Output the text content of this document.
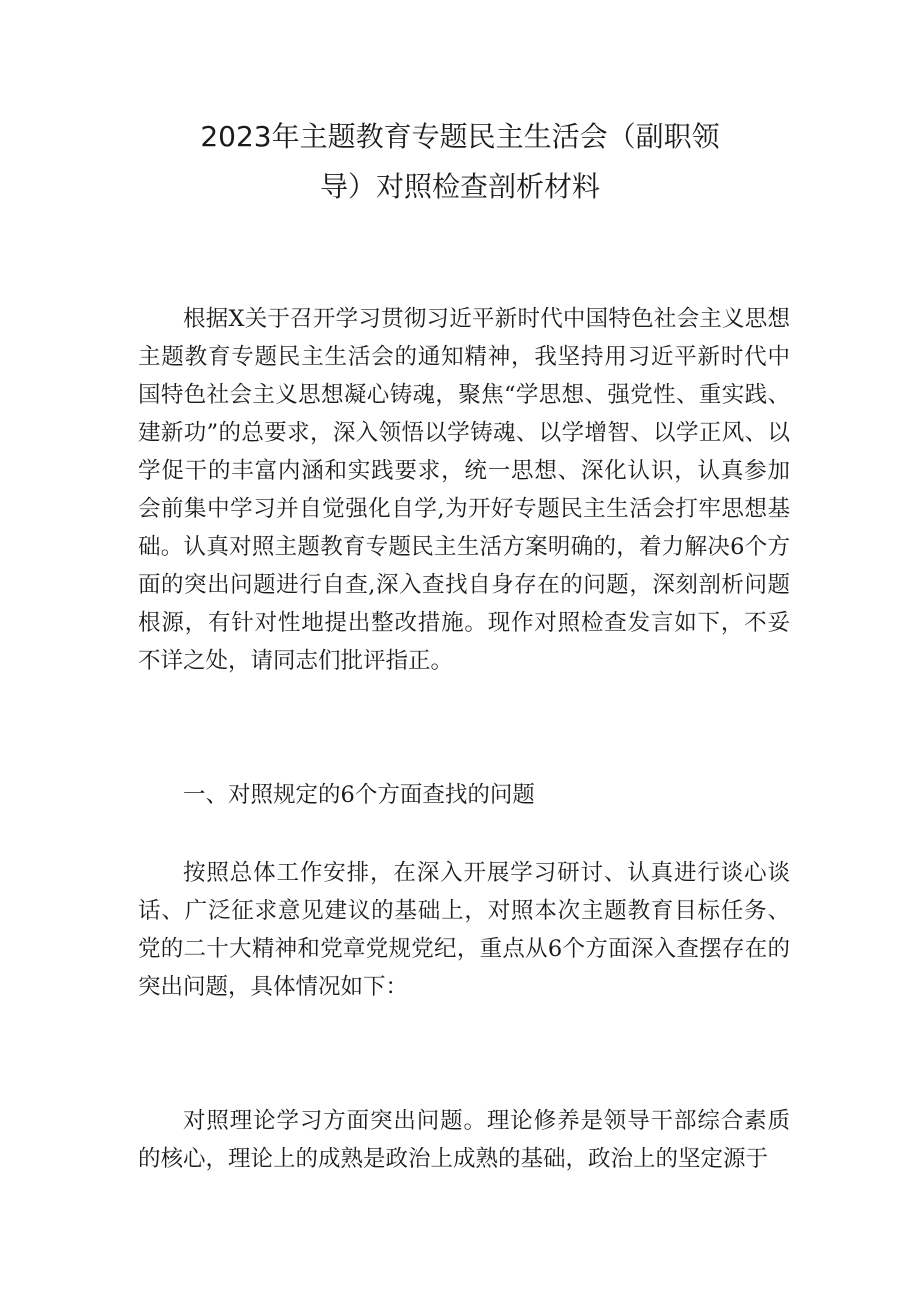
2023年主题教育专题民主生活会（副职领
导）对照检查剖析材料

根据X关于召开学习贯彻习近平新时代中国特色社会主义思想主题教育专题民主生活会的通知精神，我坚持用习近平新时代中国特色社会主义思想凝心铸魂，聚焦“学思想、强党性、重实践、建新功”的总要求，深入领悟以学铸魂、以学增智、以学正风、以学促干的丰富内涵和实践要求，统一思想、深化认识，认真参加会前集中学习并自觉强化自学,为开好专题民主生活会打牢思想基础。认真对照主题教育专题民主生活方案明确的，着力解决6个方面的突出问题进行自查,深入查找自身存在的问题，深刻剖析问题根源，有针对性地提出整改措施。现作对照检查发言如下，不妥不详之处，请同志们批评指正。

一、对照规定的6个方面查找的问题

按照总体工作安排，在深入开展学习研讨、认真进行谈心谈话、广泛征求意见建议的基础上，对照本次主题教育目标任务、党的二十大精神和党章党规党纪，重点从6个方面深入查摆存在的突出问题，具体情况如下：

对照理论学习方面突出问题。理论修养是领导干部综合素质的核心，理论上的成熟是政治上成熟的基础，政治上的坚定源于
